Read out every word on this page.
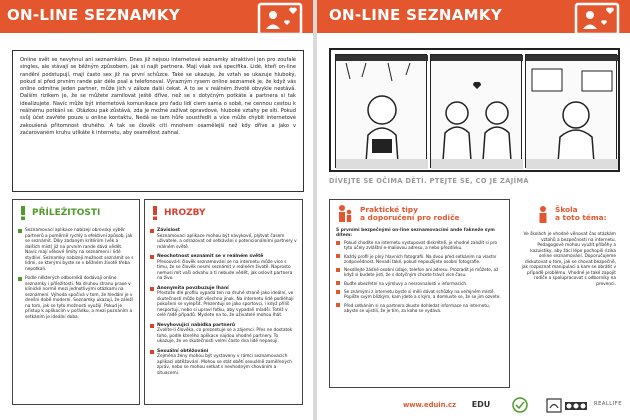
ON-LINE SEZNAMKY

Online svět se nevyhnul ani seznamkám. Dnes již nejsou internetové seznamky atraktivní jen pro zoufalé singles, ale stávají se běžným způsobem, jak si najít partnera. Mají však svá specifika. Lidé, kteří on-line randění podstupují, mají často sex již na první schůzce. Také se ukazuje, že vztah se ukazuje hluboký, pokud si před prvním rande pár déle psal a telefonoval. Výrazným rysem online seznamek je, že když vás online odmítne jeden partner, může jich v záloze další čekat. A to se v reálném životě obvykle nestává. Dalším rizikem je, že se můžete zamilovat ještě dříve, než se s dotyčným potkáte a partnera si tak idealizujete. Navíc může být internetová komunikace pro řadu lidí ciem sama o sobě, ne cennou cestou k reálnému potkání se. Otázkou pak zůstává, zda je možné zažívat opravdové, hluboké vztahy pe síti. Pokud svůj účet zavřete pouze u online kontaktu, Nedá se tam hůře soustředit a více může chybit internetové zakoušená přitomnost druhého. A tak se člověk cítí mnohem osamělejší než kdy dříve a jako v začarovaném kruhu utíkáte k internetu, aby osamělost zahnal.

PŘÍLEŽITOSTI
Seznamovací aplikace nabízejí obrovský výběr partnerů a poměrně rychlý a efektivní způsob, jak se seznámit. Díky zadaným kritériím (věk a dalších míst) již na prvním rande dává vědět. Navíc mají věkové limity na seznámení i lidé stydliví. Seznamky nabízejí možnost seznámit se s lidmi, se kterými byste se v běžném životě třeba nepotkali.
Podle některých odborníků dodávají online seznamky i příležitosti. Na druhou stranu praxe v klinické normě mezi jednotlivými otázkami na seznámení. Výhoda spočívá v tom, že hledání je v dnešní době moderní. Seznamky ukazují, že záleží na tom, jak se tyto možnosti využijí. Pokud je přístup k aplikacím v pořádku, a mezi poznáním a setkáním je ideální doba.
HROZBY
Závislost
Seznamovací aplikace mohou být návykové, plýtvat časem uživatele, a odrazovat od setkávání s potencionálními partnery v reálném světě.
Neochotnost seznámit se v reálném světě
Přesouvá-li člověk seznamování se na internetu může více s tímu, že se člověk nesmí seznámit v reálném životě. Naprosto nemusí mít vaši odvahu a ti nebude vědět, jak oslovit partnera na živo.
Anonymita povzbuzuje lhaní
Přestože dle profilu vypadá ten na druhé straně jako ideální, ve skutečnosti může být všechno jinak. Na internetu lidé podléhají pokušení se vylepšit. Prezentují se jako sportovci, i když příliš nesportují, nebo si upraví fotku, aby vypadali mladší. Totéž v celé řadě případů. Myslete na to, že uživatelé mohou lhát.
Nevyhovující nabídka partnerů
Zvolíte-li člověka, co prezentuje se a zájemci. Přes ne dostatek toho, podle kterého aplikace najdou vhodné partnery. To ukazuje, že ve skutečnosti velmi často dva lidé nepasují.
Sexuální obtěžování
Zejména ženy mohou být vystaveny v rámci seznamovacích aplikací obtěžování. Mohou se stát obětí sexuálně zaměřených zpráv, nebo se mohou setkat s nevhodným chováním a situacemi.
ON-LINE SEZNAMKY
DÍVEJTE SE OČIMA DĚTÍ. PTEJTE SE, CO JE ZAJÍMÁ
Praktické tipy
a doporučení pro rodiče
S prvními bezpečnými on-line seznamovacími ande fakneže sym dítem:
Pokud chodíte na internetu vystupovat diskrétně, je vhodné založit si pro tyto účely zvláštní e-mailovou adresu, a nebo přezdívku.
Každý profil je plný hlavních fotografií. Na dvou před setkáním na vlastní zodpovědnost. Nevadí také, pokud nepoužijete osobní fotografie.
Nesdílejte žádné osobní údaje, telefon ani adresu. Prozradit je můžete, až když si budete jistí, že s dotyčným chcete trávit více času.
Buďte obezřetní na výmluvy a nesrovnalosti v informacích.
Se známými z internetu byste si měli dávat schůzky na veřejném místě. Popište svým blízkým, kam jdete a s kým, a domluvte se, že se jim ozvete.
Před setkáním si na partnera zkuste dohledat informace na internetu, abyste se ujistili, že je tím, za koho se vydává.
Škola
a toto téma:

Ve školách je vhodné věnovat čas otázkám vztahů a bezpečnosti na internetu. Pedagogové mohou využít příběhy a kazuistiky, aby žáci lépe pochopili rizika online seznamování. Doporučujeme diskutovat o tom, jak se chovat bezpečně, jak rozpoznat manipulaci a kam se obrátit v případě problému. Vhodné je také zapojit rodiče a spolupracovat s odborníky na prevenci.

www.eduin.cz	EDU	REALLIFE
